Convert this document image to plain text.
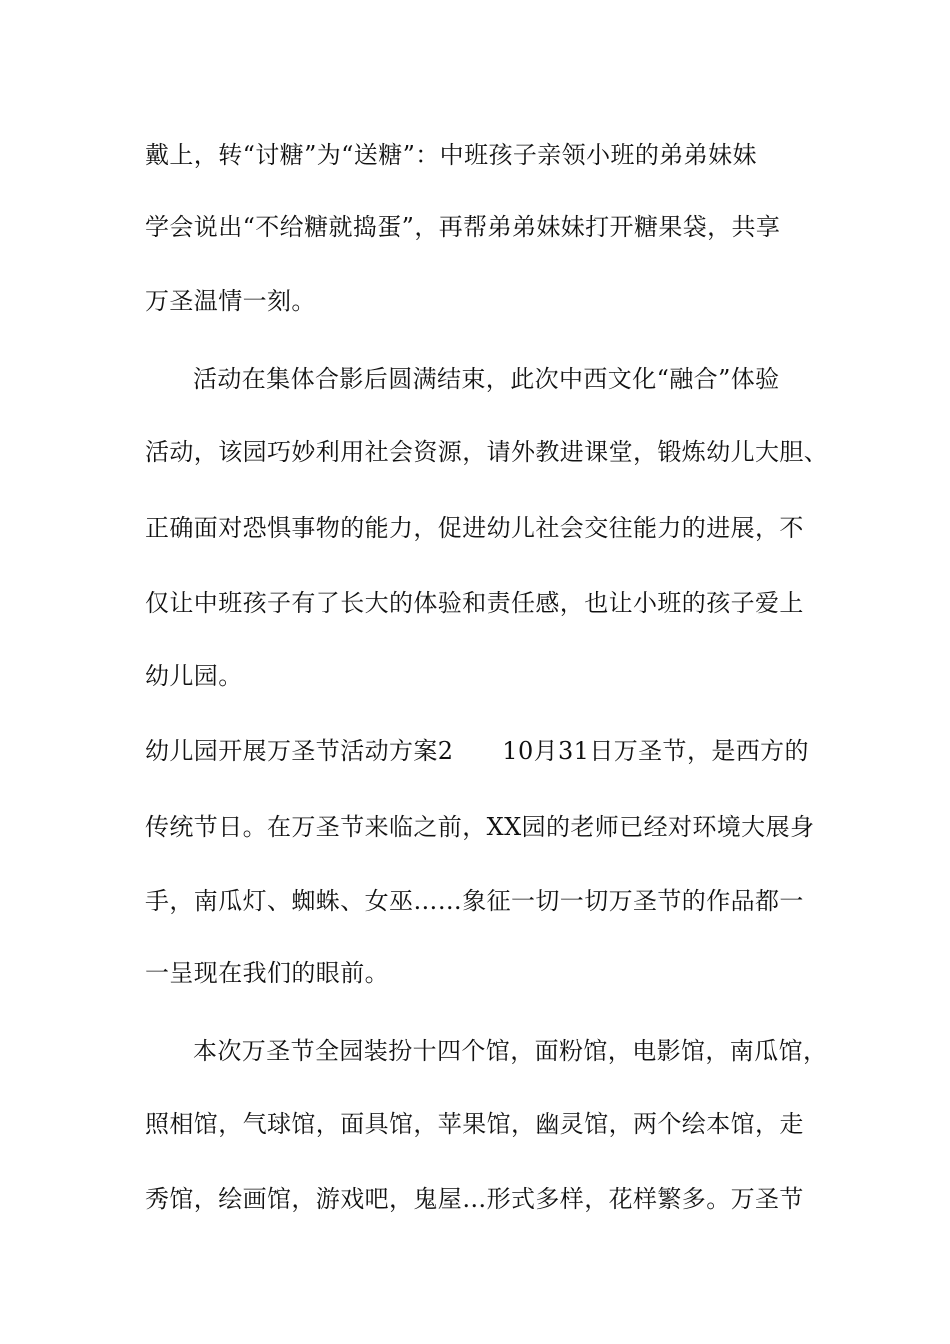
戴上，转“讨糖”为“送糖”：中班孩子亲领小班的弟弟妹妹

学会说出“不给糖就捣蛋”，再帮弟弟妹妹打开糖果袋，共享

万圣温情一刻。

活动在集体合影后圆满结束，此次中西文化“融合”体验

活动，该园巧妙利用社会资源，请外教进课堂，锻炼幼儿大胆、

正确面对恐惧事物的能力，促进幼儿社会交往能力的进展，不

仅让中班孩子有了长大的体验和责任感，也让小班的孩子爱上

幼儿园。

幼儿园开展万圣节活动方案2　　10月31日万圣节，是西方的

传统节日。在万圣节来临之前，XX园的老师已经对环境大展身

手，南瓜灯、蜘蛛、女巫……象征一切一切万圣节的作品都一

一呈现在我们的眼前。

本次万圣节全园装扮十四个馆，面粉馆，电影馆，南瓜馆，

照相馆，气球馆，面具馆，苹果馆，幽灵馆，两个绘本馆，走

秀馆，绘画馆，游戏吧，鬼屋…形式多样，花样繁多。万圣节
